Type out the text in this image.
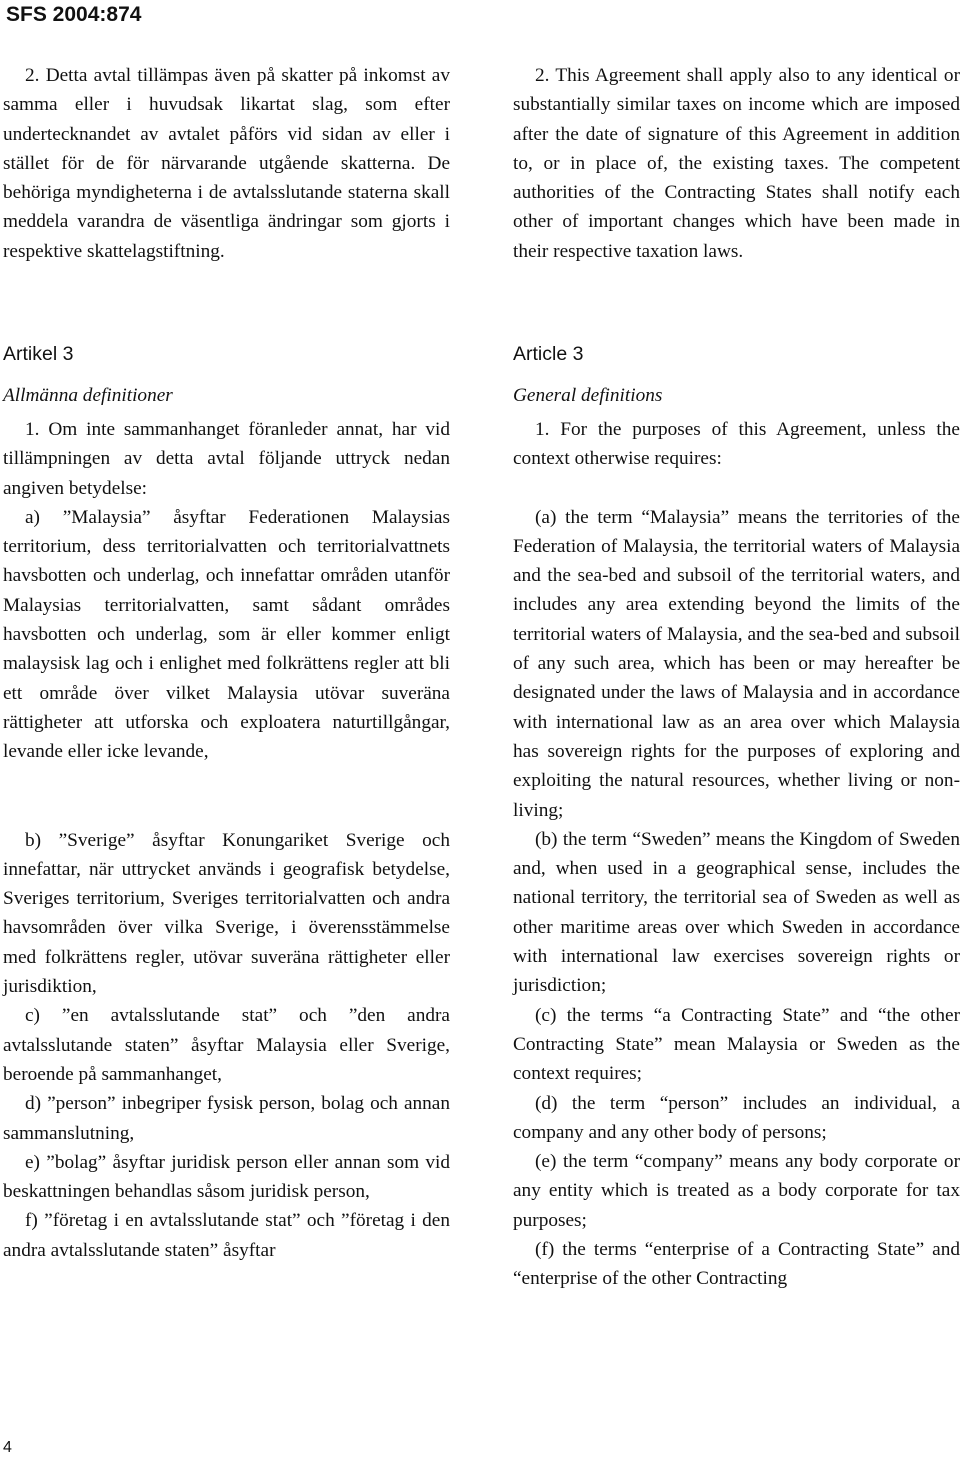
SFS 2004:874

2. Detta avtal tillämpas även på skatter på inkomst av samma eller i huvudsak likartat slag, som efter undertecknandet av avtalet påförs vid sidan av eller i stället för de för närvarande utgående skatterna. De behöriga myndigheterna i de avtalsslutande staterna skall meddela varandra de väsentliga ändringar som gjorts i respektive skattelagstiftning.

Artikel 3
Allmänna definitioner

1. Om inte sammanhanget föranleder annat, har vid tillämpningen av detta avtal följande uttryck nedan angiven betydelse:

a) ”Malaysia” åsyftar Federationen Malaysias territorium, dess territorialvatten och territorialvattnets havsbotten och underlag, och innefattar områden utanför Malaysias territorialvatten, samt sådant områdes havsbotten och underlag, som är eller kommer enligt malaysisk lag och i enlighet med folkrättens regler att bli ett område över vilket Malaysia utövar suveräna rättigheter att utforska och exploatera naturtillgångar, levande eller icke levande,

b) ”Sverige” åsyftar Konungariket Sverige och innefattar, när uttrycket används i geografisk betydelse, Sveriges territorium, Sveriges territorialvatten och andra havsområden över vilka Sverige, i överensstämmelse med folkrättens regler, utövar suveräna rättigheter eller jurisdiktion,

c) ”en avtalsslutande stat” och ”den andra avtalsslutande staten” åsyftar Malaysia eller Sverige, beroende på sammanhanget,

d) ”person” inbegriper fysisk person, bolag och annan sammanslutning,

e) ”bolag” åsyftar juridisk person eller annan som vid beskattningen behandlas såsom juridisk person,

f) ”företag i en avtalsslutande stat” och ”företag i den andra avtalsslutande staten” åsyftar

2. This Agreement shall apply also to any identical or substantially similar taxes on income which are imposed after the date of signature of this Agreement in addition to, or in place of, the existing taxes. The competent authorities of the Contracting States shall notify each other of important changes which have been made in their respective taxation laws.

Article 3
General definitions

1. For the purposes of this Agreement, unless the context otherwise requires:

(a) the term “Malaysia” means the territories of the Federation of Malaysia, the territorial waters of Malaysia and the sea-bed and subsoil of the territorial waters, and includes any area extending beyond the limits of the territorial waters of Malaysia, and the sea-bed and subsoil of any such area, which has been or may hereafter be designated under the laws of Malaysia and in accordance with international law as an area over which Malaysia has sovereign rights for the purposes of exploring and exploiting the natural resources, whether living or non-living;

(b) the term “Sweden” means the Kingdom of Sweden and, when used in a geographical sense, includes the national territory, the territorial sea of Sweden as well as other maritime areas over which Sweden in accordance with international law exercises sovereign rights or jurisdiction;

(c) the terms “a Contracting State” and “the other Contracting State” mean Malaysia or Sweden as the context requires;

(d) the term “person” includes an individual, a company and any other body of persons;

(e) the term “company” means any body corporate or any entity which is treated as a body corporate for tax purposes;

(f) the terms “enterprise of a Contracting State” and “enterprise of the other Contracting

4
